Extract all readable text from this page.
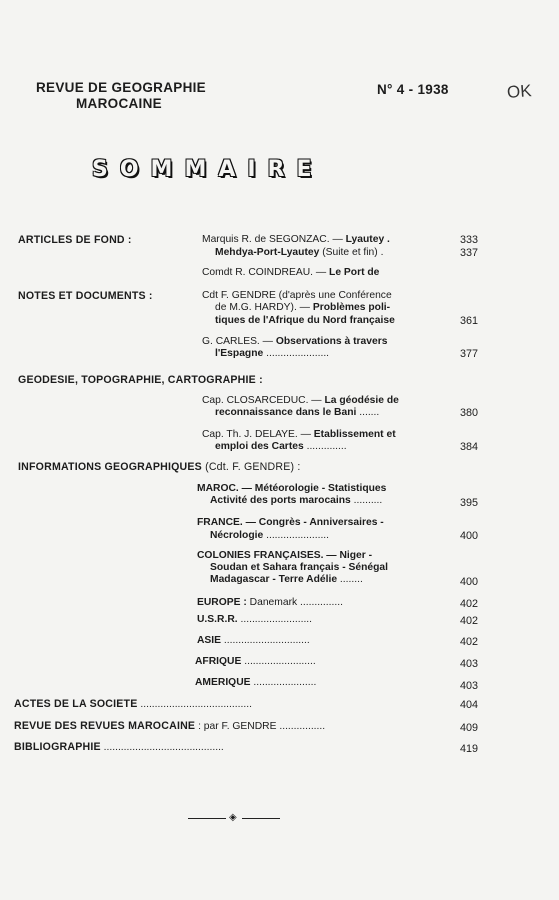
REVUE DE GEOGRAPHIE
MAROCAINE
N° 4 - 1938	OK
SOMMAIRE
ARTICLES DE FOND :	Marquis R. de SEGONZAC. — Lyautey .	333
Mehdya-Port-Lyautey (Suite et fin) .	337
Comdt R. COINDREAU. — Le Port de
NOTES ET DOCUMENTS :	Cdt F. GENDRE (d'après une Conférence
de M.G. HARDY). — Problèmes poli-
tiques de l'Afrique du Nord française	361
G. CARLES. — Observations à travers
l'Espagne ......................	377
GEODESIE, TOPOGRAPHIE, CARTOGRAPHIE :
Cap. CLOSARCEDUC. — La géodésie de
reconnaissance dans le Bani .......	380
Cap. Th. J. DELAYE. — Etablissement et
emploi des Cartes ..............	384
INFORMATIONS GEOGRAPHIQUES (Cdt. F. GENDRE) :
MAROC. — Météorologie - Statistiques
Activité des ports marocains ..........	395
FRANCE. — Congrès - Anniversaires -
Nécrologie ......................	400
COLONIES FRANÇAISES. — Niger -
Soudan et Sahara français - Sénégal
Madagascar - Terre Adélie ........	400
EUROPE : Danemark ...............	402
U.S.R.R. .........................	402
ASIE ..............................	402
AFRIQUE .........................	403
AMERIQUE ......................	403
ACTES DE LA SOCIETE .......................................	404
REVUE DES REVUES MAROCAINE : par F. GENDRE ................	409
BIBLIOGRAPHIE ..........................................	419
◈
